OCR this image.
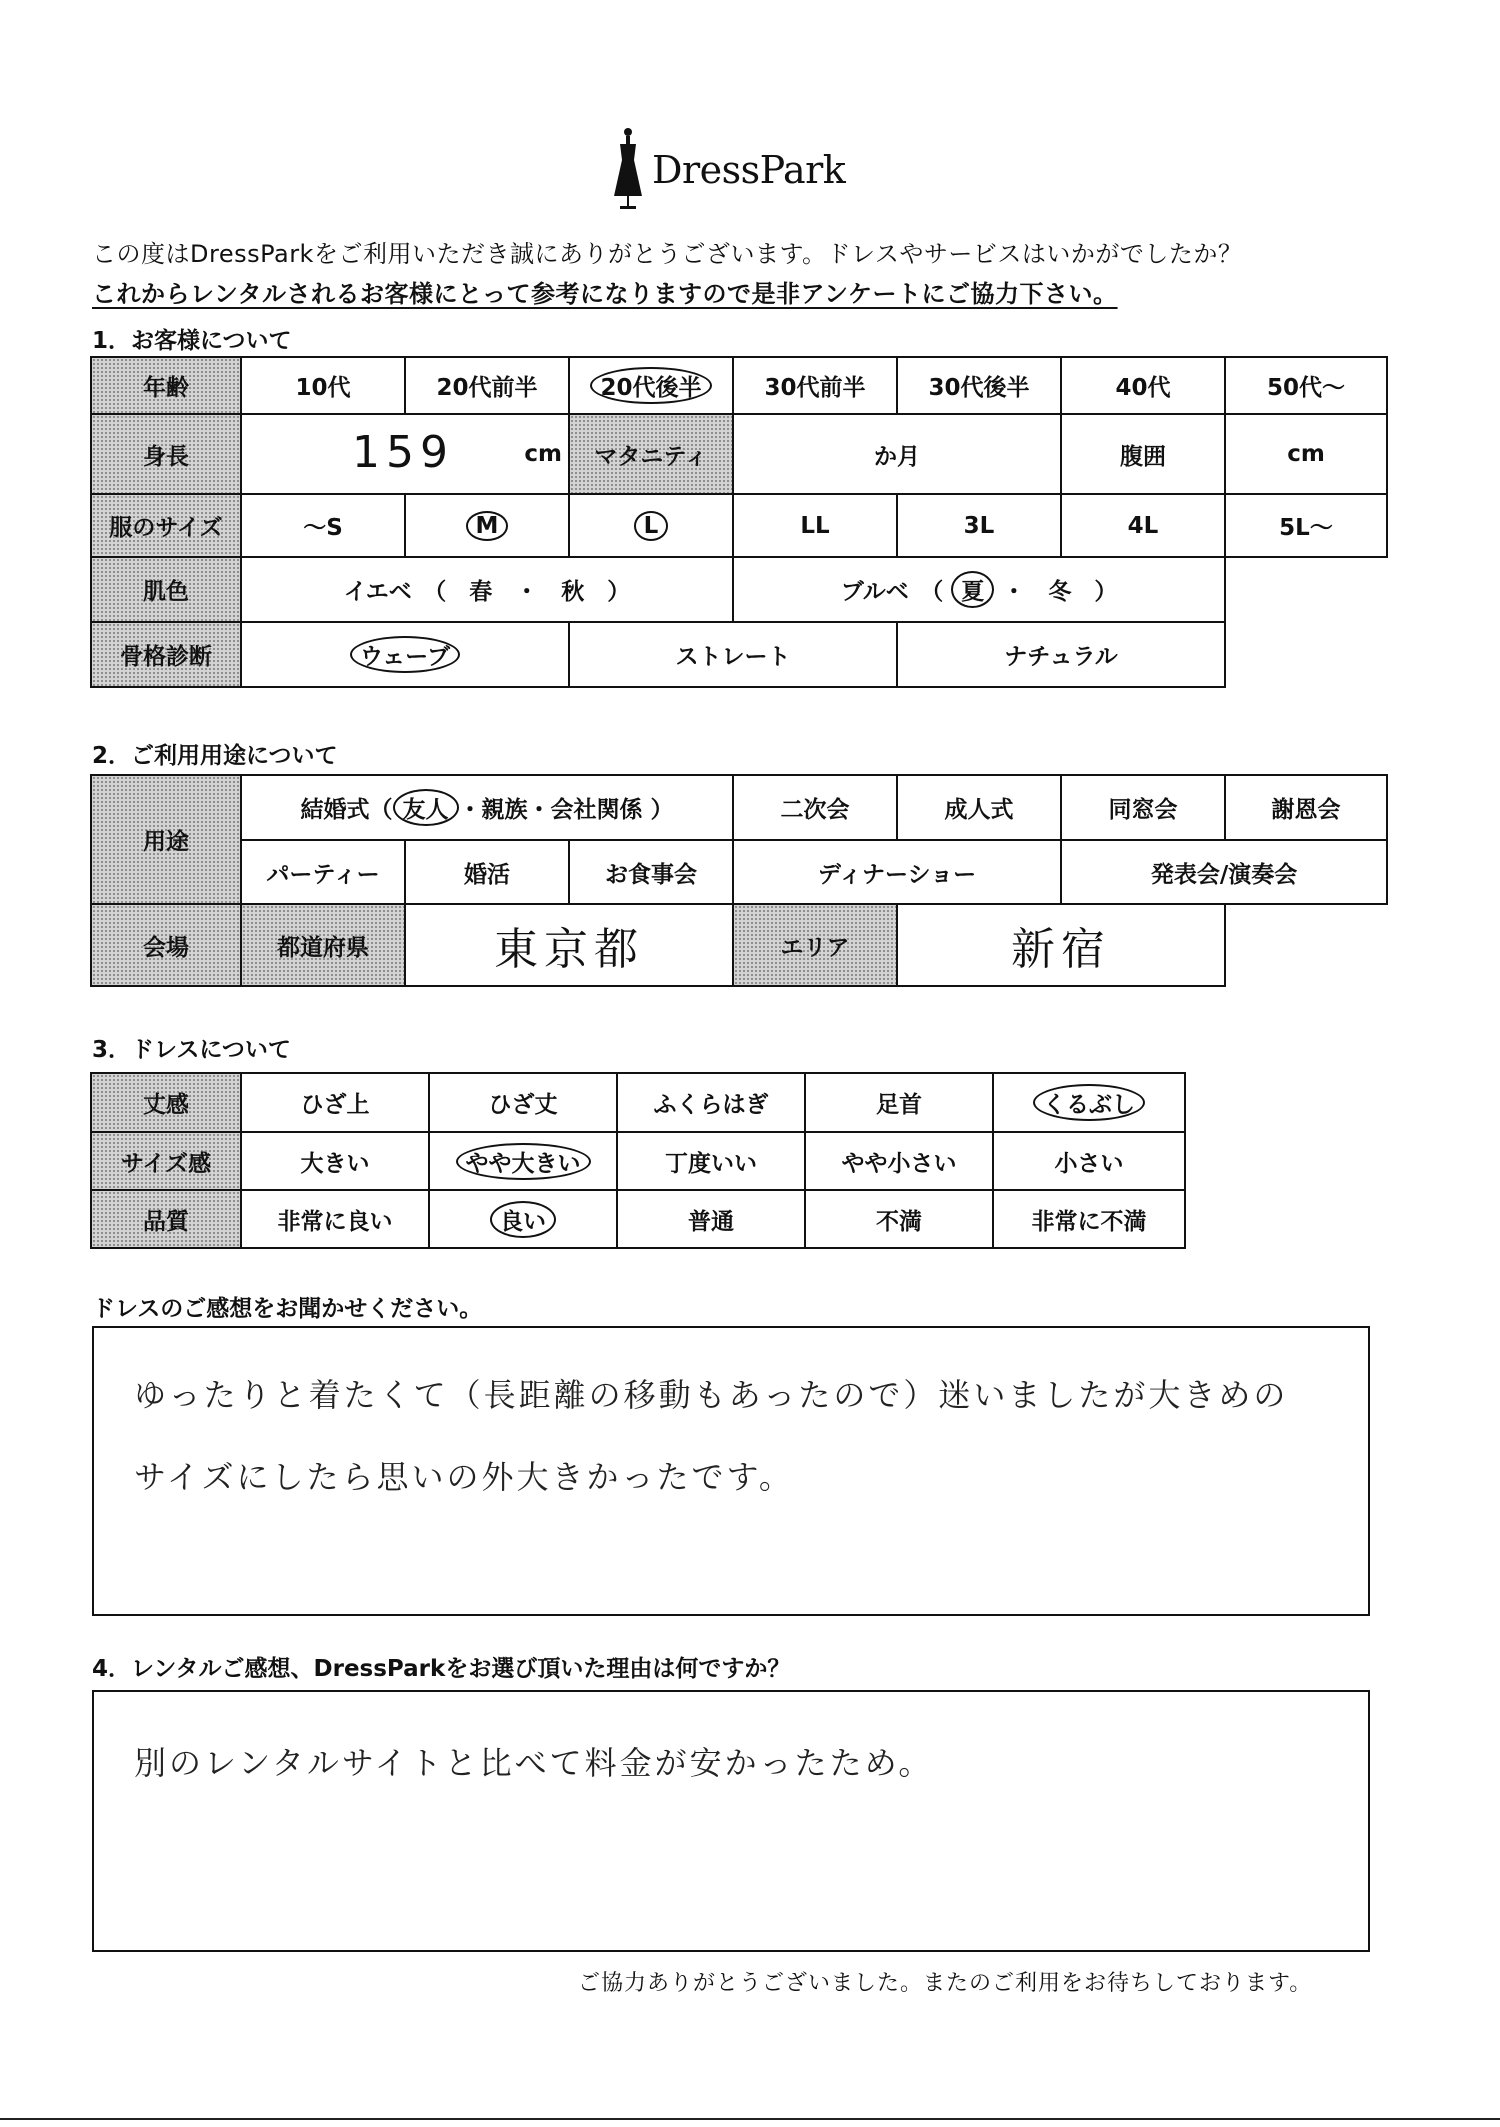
DressPark
この度はDressParkをご利用いただき誠にありがとうございます。ドレスやサービスはいかがでしたか？
これからレンタルされるお客様にとって参考になりますので是非アンケートにご協力下さい。
1．お客様について
年齢	10代	20代前半	20代後半	30代前半	30代後半	40代	50代～
身長	159 cm		マタニティ	か月		腹囲	cm
服のサイズ	～S	M	L	LL	3L	4L	5L～
肌色	イエベ　（　春　・　秋　）			ブルベ　（ 夏 ・　冬　）			
骨格診断	ウェーブ		ストレート		ナチュラル		
2．ご利用用途について
用途	結婚式（ 友人 ・親族・会社関係 ）			二次会	成人式	同窓会	謝恩会
	パーティー	婚活	お食事会	ディナーショー		発表会/演奏会	
会場	都道府県	東京都		エリア	新宿		
3．ドレスについて
丈感	ひざ上	ひざ丈	ふくらはぎ	足首	くるぶし
サイズ感	大きい	やや大きい	丁度いい	やや小さい	小さい
品質	非常に良い	良い	普通	不満	非常に不満
ドレスのご感想をお聞かせください。
ゆったりと着たくて（長距離の移動もあったので）迷いましたが大きめの
サイズにしたら思いの外大きかったです。
4．レンタルご感想、DressParkをお選び頂いた理由は何ですか？
別のレンタルサイトと比べて料金が安かったため。
ご協力ありがとうございました。またのご利用をお待ちしております。
